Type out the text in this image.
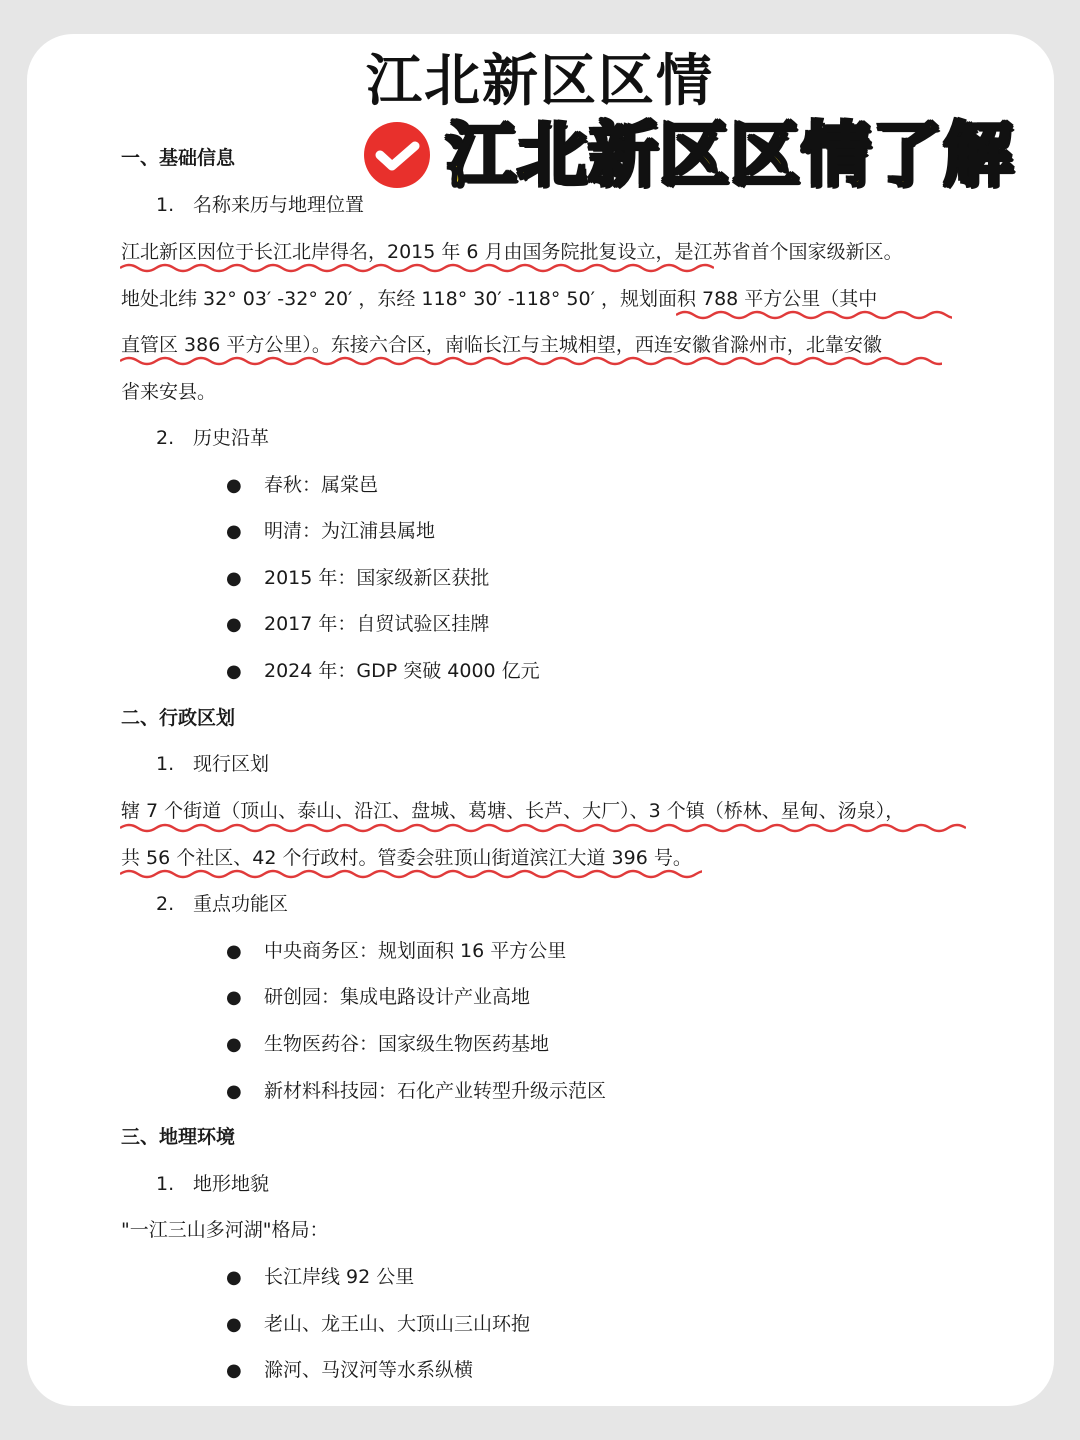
江北新区区情
江北新区区情了解
一、基础信息
1. 名称来历与地理位置
江北新区因位于长江北岸得名，2015 年 6 月由国务院批复设立，是江苏省首个国家级新区。
地处北纬 32° 03′ -32° 20′ ，东经 118° 30′ -118° 50′ ，规划面积 788 平方公里（其中
直管区 386 平方公里）。东接六合区，南临长江与主城相望，西连安徽省滁州市，北靠安徽
省来安县。
2. 历史沿革
● 春秋：属棠邑
● 明清：为江浦县属地
● 2015 年：国家级新区获批
● 2017 年：自贸试验区挂牌
● 2024 年：GDP 突破 4000 亿元
二、行政区划
1. 现行区划
辖 7 个街道（顶山、泰山、沿江、盘城、葛塘、长芦、大厂）、3 个镇（桥林、星甸、汤泉），
共 56 个社区、42 个行政村。管委会驻顶山街道滨江大道 396 号。
2. 重点功能区
● 中央商务区：规划面积 16 平方公里
● 研创园：集成电路设计产业高地
● 生物医药谷：国家级生物医药基地
● 新材料科技园：石化产业转型升级示范区
三、地理环境
1. 地形地貌
"一江三山多河湖"格局：
● 长江岸线 92 公里
● 老山、龙王山、大顶山三山环抱
● 滁河、马汊河等水系纵横
